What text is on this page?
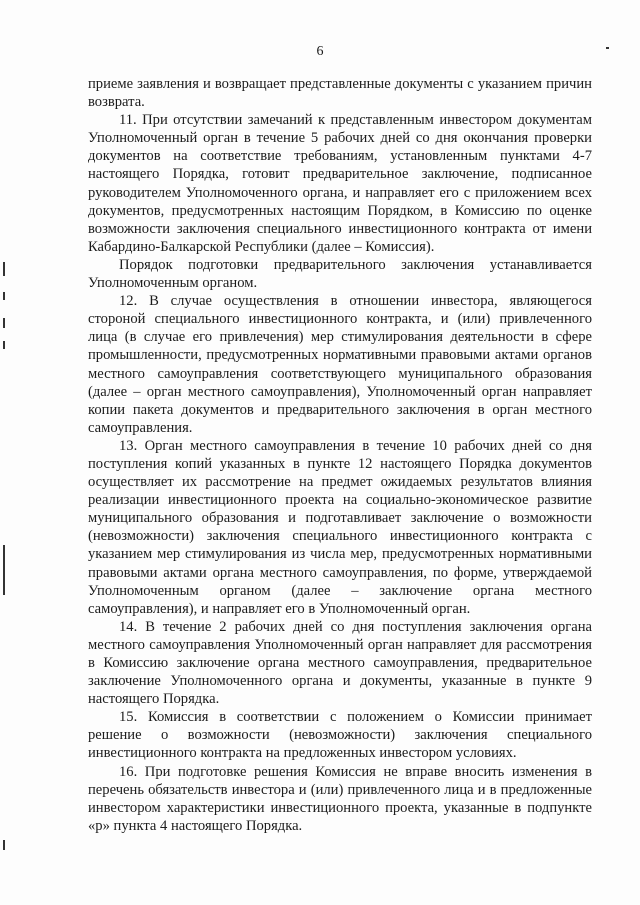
6

приеме заявления и возвращает представленные документы с указанием причин возврата.

11. При отсутствии замечаний к представленным инвестором документам Уполномоченный орган в течение 5 рабочих дней со дня окончания проверки документов на соответствие требованиям, установленным пунктами 4-7 настоящего Порядка, готовит предварительное заключение, подписанное руководителем Уполномоченного органа, и направляет его с приложением всех документов, предусмотренных настоящим Порядком, в Комиссию по оценке возможности заключения специального инвестиционного контракта от имени Кабардино-Балкарской Республики (далее – Комиссия).

Порядок подготовки предварительного заключения устанавливается Уполномоченным органом.

12. В случае осуществления в отношении инвестора, являющегося стороной специального инвестиционного контракта, и (или) привлеченного лица (в случае его привлечения) мер стимулирования деятельности в сфере промышленности, предусмотренных нормативными правовыми актами органов местного самоуправления соответствующего муниципального образования (далее – орган местного самоуправления), Уполномоченный орган направляет копии пакета документов и предварительного заключения в орган местного самоуправления.

13. Орган местного самоуправления в течение 10 рабочих дней со дня поступления копий указанных в пункте 12 настоящего Порядка документов осуществляет их рассмотрение на предмет ожидаемых результатов влияния реализации инвестиционного проекта на социально-экономическое развитие муниципального образования и подготавливает заключение о возможности (невозможности) заключения специального инвестиционного контракта с указанием мер стимулирования из числа мер, предусмотренных нормативными правовыми актами органа местного самоуправления, по форме, утверждаемой Уполномоченным органом (далее – заключение органа местного самоуправления), и направляет его в Уполномоченный орган.

14. В течение 2 рабочих дней со дня поступления заключения органа местного самоуправления Уполномоченный орган направляет для рассмотрения в Комиссию заключение органа местного самоуправления, предварительное заключение Уполномоченного органа и документы, указанные в пункте 9 настоящего Порядка.

15. Комиссия в соответствии с положением о Комиссии принимает решение о возможности (невозможности) заключения специального инвестиционного контракта на предложенных инвестором условиях.

16. При подготовке решения Комиссия не вправе вносить изменения в перечень обязательств инвестора и (или) привлеченного лица и в предложенные инвестором характеристики инвестиционного проекта, указанные в подпункте «р» пункта 4 настоящего Порядка.
